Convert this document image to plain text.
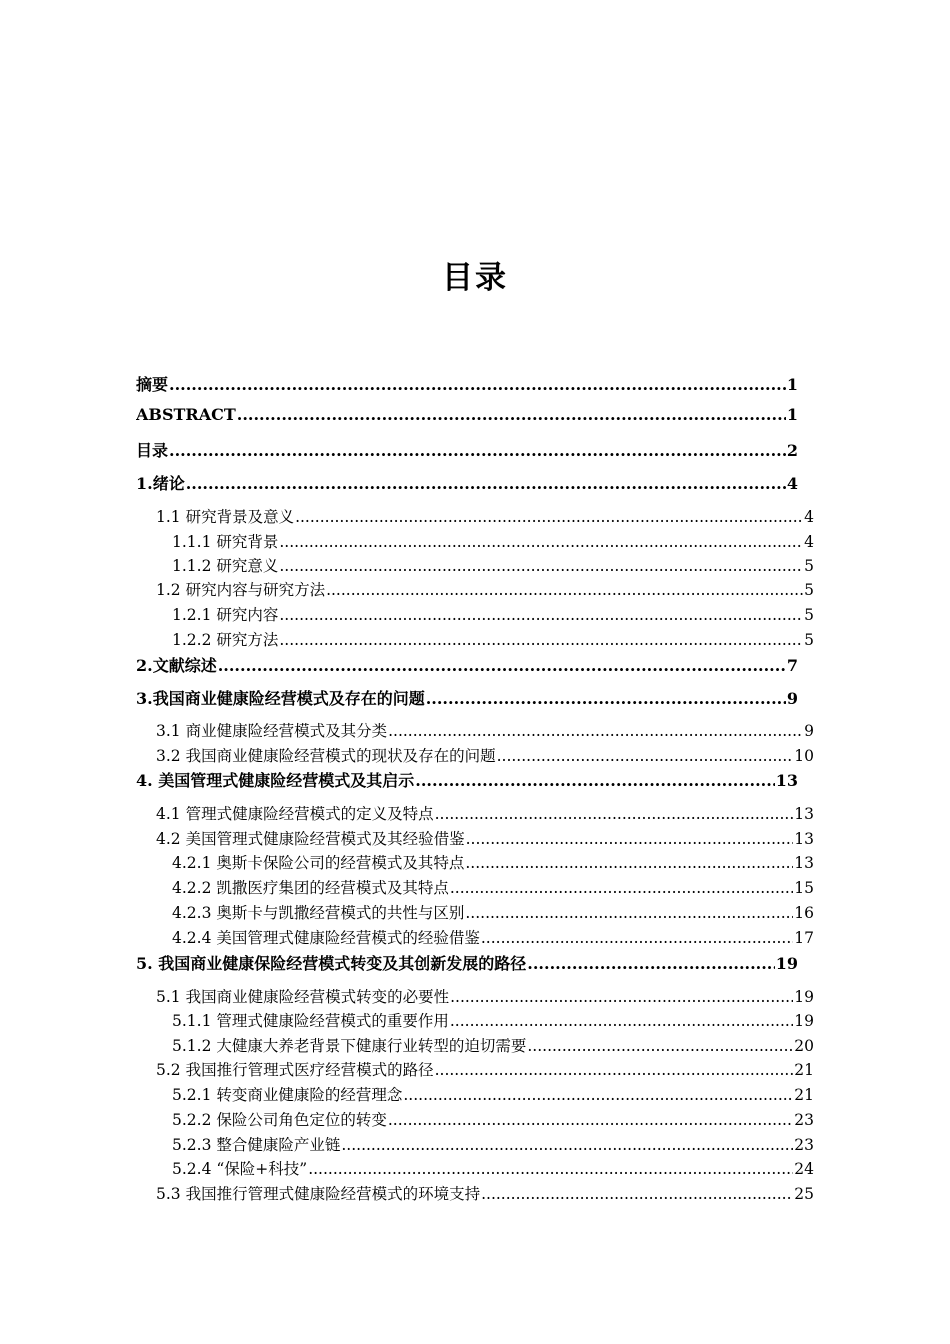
目录
摘要 .....	1
ABSTRACT .....	1
目录 .....	2
1.绪论 .....	4
1.1 研究背景及意义 .....	4
1.1.1 研究背景 .....	4
1.1.2 研究意义 .....	5
1.2 研究内容与研究方法 .....	5
1.2.1 研究内容 .....	5
1.2.2 研究方法 .....	5
2.文献综述 .....	7
3.我国商业健康险经营模式及存在的问题 .....	9
3.1 商业健康险经营模式及其分类 .....	9
3.2 我国商业健康险经营模式的现状及存在的问题 .....	10
4. 美国管理式健康险经营模式及其启示 .....	13
4.1 管理式健康险经营模式的定义及特点 .....	13
4.2 美国管理式健康险经营模式及其经验借鉴 .....	13
4.2.1 奥斯卡保险公司的经营模式及其特点 .....	13
4.2.2 凯撒医疗集团的经营模式及其特点 .....	15
4.2.3 奥斯卡与凯撒经营模式的共性与区别 .....	16
4.2.4 美国管理式健康险经营模式的经验借鉴 .....	17
5. 我国商业健康保险经营模式转变及其创新发展的路径 .....	19
5.1 我国商业健康险经营模式转变的必要性 .....	19
5.1.1 管理式健康险经营模式的重要作用 .....	19
5.1.2 大健康大养老背景下健康行业转型的迫切需要 .....	20
5.2 我国推行管理式医疗经营模式的路径 .....	21
5.2.1 转变商业健康险的经营理念 .....	21
5.2.2 保险公司角色定位的转变 .....	23
5.2.3 整合健康险产业链 .....	23
5.2.4 “保险+科技” .....	24
5.3 我国推行管理式健康险经营模式的环境支持 .....	25
